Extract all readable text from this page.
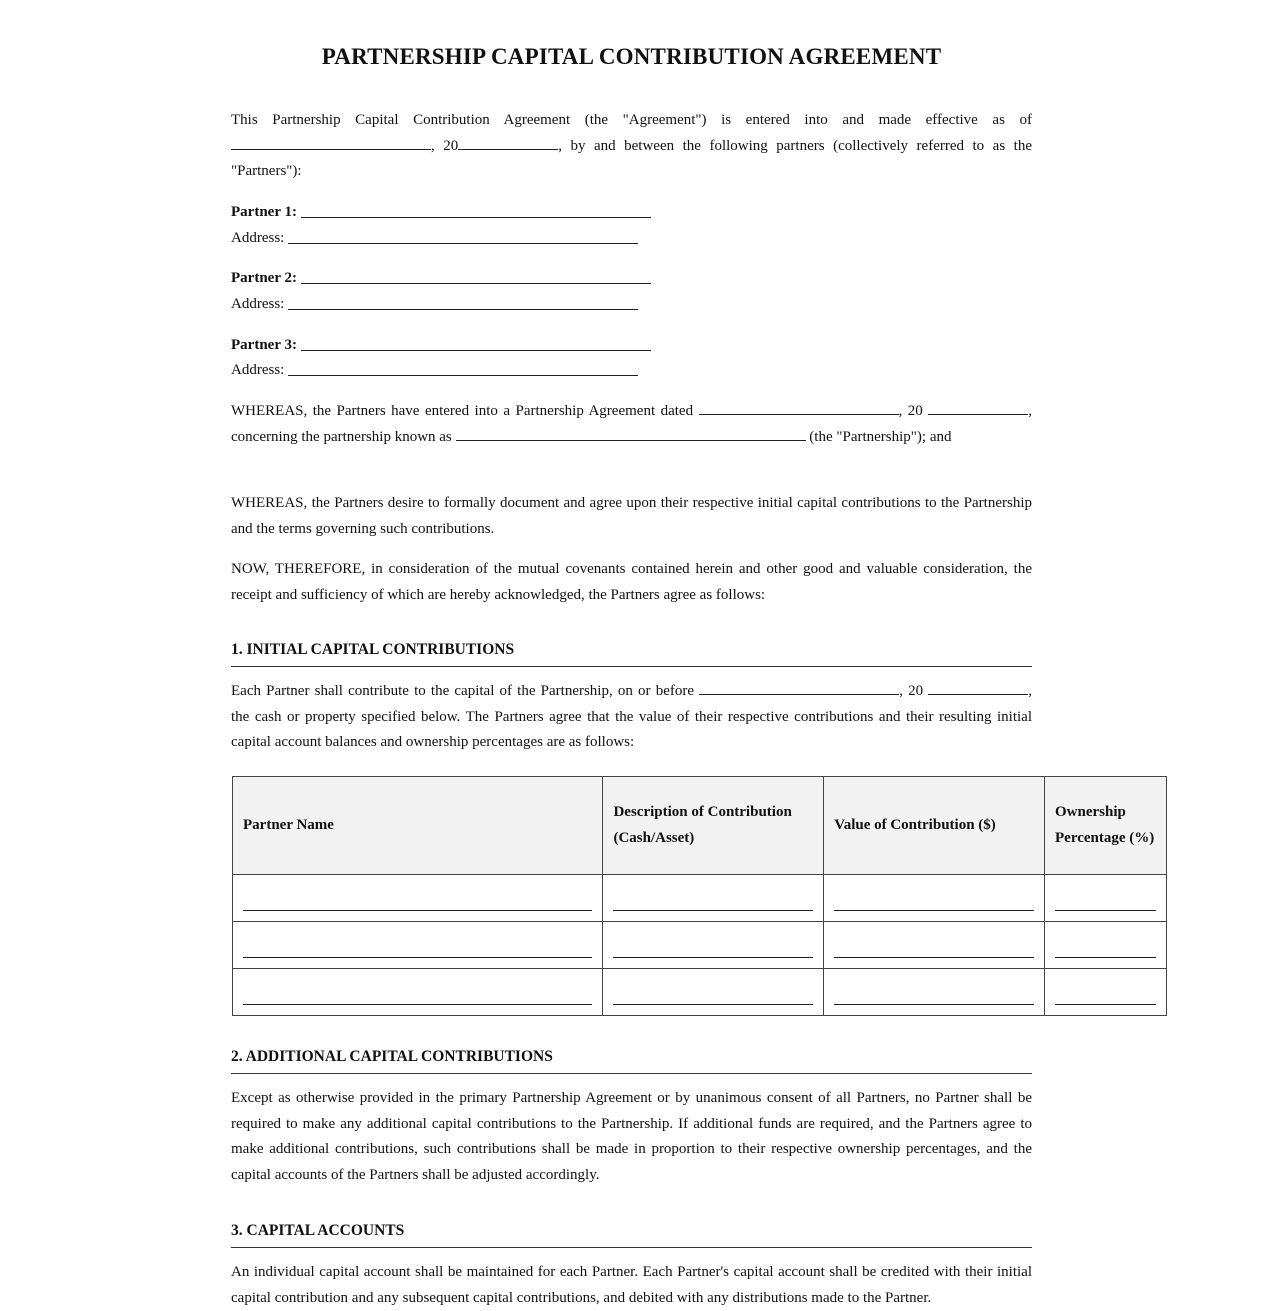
PARTNERSHIP CAPITAL CONTRIBUTION AGREEMENT

This Partnership Capital Contribution Agreement (the "Agreement") is entered into and made effective as of , 20	, by and between the following partners (collectively referred to as the "Partners"):

Partner 1:
Address:
Partner 2:
Address:
Partner 3:
Address:

WHEREAS, the Partners have entered into a Partnership Agreement dated	, 20	, concerning the partnership known as	(the "Partnership"); and

WHEREAS, the Partners desire to formally document and agree upon their respective initial capital contributions to the Partnership and the terms governing such contributions.

NOW, THEREFORE, in consideration of the mutual covenants contained herein and other good and valuable consideration, the receipt and sufficiency of which are hereby acknowledged, the Partners agree as follows:

1. INITIAL CAPITAL CONTRIBUTIONS

Each Partner shall contribute to the capital of the Partnership, on or before	, 20	, the cash or property specified below. The Partners agree that the value of their respective contributions and their resulting initial capital account balances and ownership percentages are as follows:

Partner Name	Description of Contribution (Cash/Asset)	Value of Contribution ($)	Ownership Percentage (%)

2. ADDITIONAL CAPITAL CONTRIBUTIONS

Except as otherwise provided in the primary Partnership Agreement or by unanimous consent of all Partners, no Partner shall be required to make any additional capital contributions to the Partnership. If additional funds are required, and the Partners agree to make additional contributions, such contributions shall be made in proportion to their respective ownership percentages, and the capital accounts of the Partners shall be adjusted accordingly.

3. CAPITAL ACCOUNTS

An individual capital account shall be maintained for each Partner. Each Partner's capital account shall be credited with their initial capital contribution and any subsequent capital contributions, and debited with any distributions made to the Partner.
